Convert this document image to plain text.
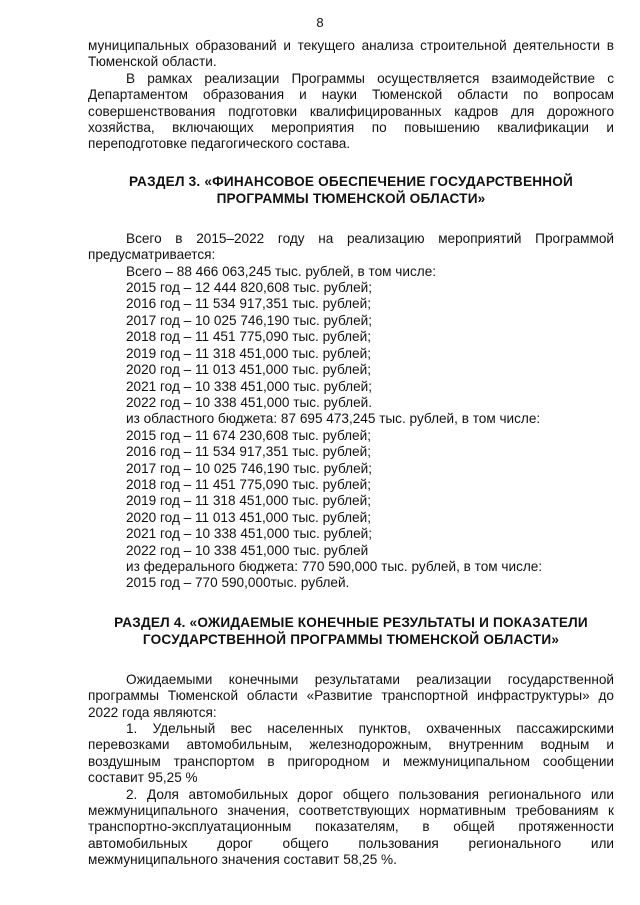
8

муниципальных образований и текущего анализа строительной деятельности в Тюменской области.

В рамках реализации Программы осуществляется взаимодействие с Департаментом образования и науки Тюменской области по вопросам совершенствования подготовки квалифицированных кадров для дорожного хозяйства, включающих мероприятия по повышению квалификации и переподготовке педагогического состава.

РАЗДЕЛ 3. «ФИНАНСОВОЕ ОБЕСПЕЧЕНИЕ ГОСУДАРСТВЕННОЙ ПРОГРАММЫ ТЮМЕНСКОЙ ОБЛАСТИ»

Всего в 2015–2022 году на реализацию мероприятий Программой предусматривается:

Всего – 88 466 063,245 тыс. рублей, в том числе:
2015 год – 12 444 820,608 тыс. рублей;
2016 год – 11 534 917,351 тыс. рублей;
2017 год – 10 025 746,190 тыс. рублей;
2018 год – 11 451 775,090 тыс. рублей;
2019 год – 11 318 451,000 тыс. рублей;
2020 год – 11 013 451,000 тыс. рублей;
2021 год – 10 338 451,000 тыс. рублей;
2022 год – 10 338 451,000 тыс. рублей.
из областного бюджета: 87 695 473,245 тыс. рублей, в том числе:
2015 год – 11 674 230,608 тыс. рублей;
2016 год – 11 534 917,351 тыс. рублей;
2017 год – 10 025 746,190 тыс. рублей;
2018 год – 11 451 775,090 тыс. рублей;
2019 год – 11 318 451,000 тыс. рублей;
2020 год – 11 013 451,000 тыс. рублей;
2021 год – 10 338 451,000 тыс. рублей;
2022 год – 10 338 451,000 тыс. рублей
из федерального бюджета: 770 590,000 тыс. рублей, в том числе:
2015 год – 770 590,000тыс. рублей.
РАЗДЕЛ 4. «ОЖИДАЕМЫЕ КОНЕЧНЫЕ РЕЗУЛЬТАТЫ И ПОКАЗАТЕЛИ ГОСУДАРСТВЕННОЙ ПРОГРАММЫ ТЮМЕНСКОЙ ОБЛАСТИ»

Ожидаемыми конечными результатами реализации государственной программы Тюменской области «Развитие транспортной инфраструктуры» до 2022 года являются:

1. Удельный вес населенных пунктов, охваченных пассажирскими перевозками автомобильным, железнодорожным, внутренним водным и воздушным транспортом в пригородном и межмуниципальном сообщении составит 95,25 %

2. Доля автомобильных дорог общего пользования регионального или межмуниципального значения, соответствующих нормативным требованиям к транспортно-эксплуатационным показателям, в общей протяженности автомобильных дорог общего пользования регионального или межмуниципального значения составит 58,25 %.
